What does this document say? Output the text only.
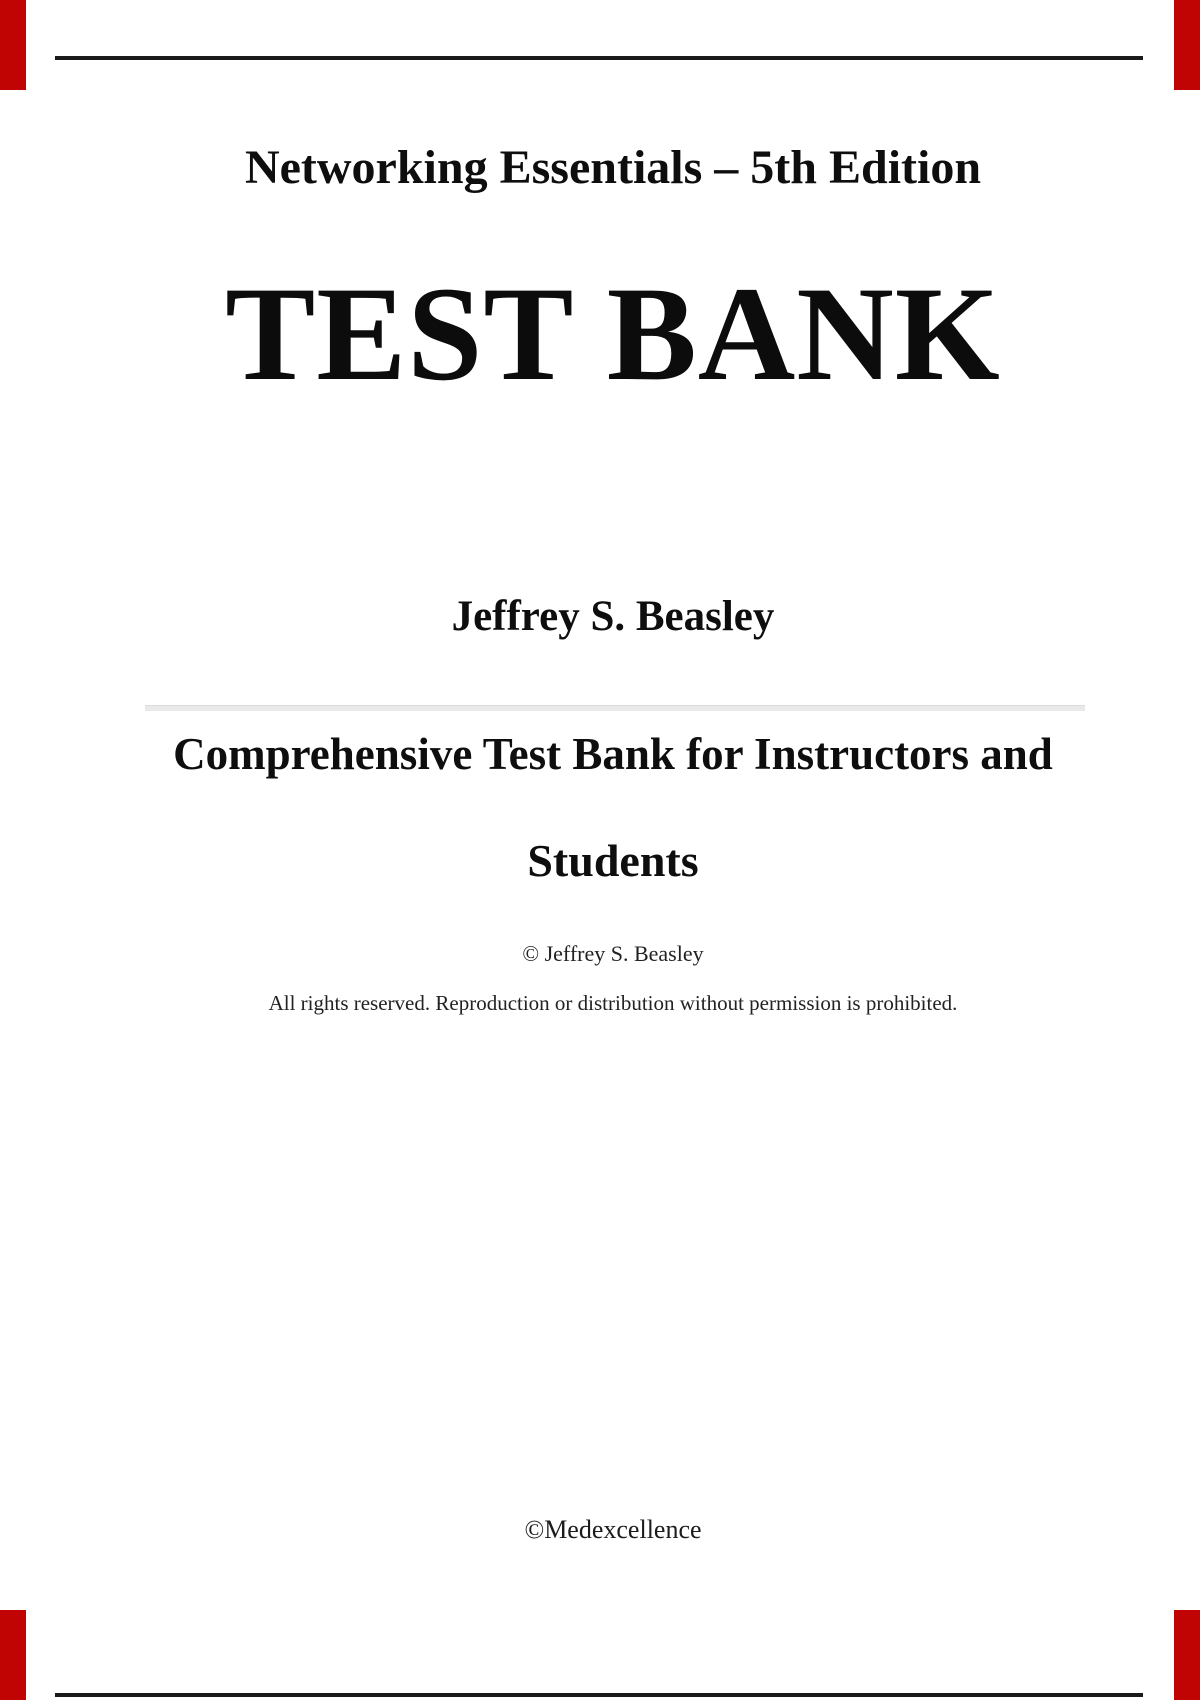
Networking Essentials – 5th Edition
TEST BANK
Jeffrey S. Beasley
Comprehensive Test Bank for Instructors and
Students
© Jeffrey S. Beasley
All rights reserved. Reproduction or distribution without permission is prohibited.
©Medexcellence
